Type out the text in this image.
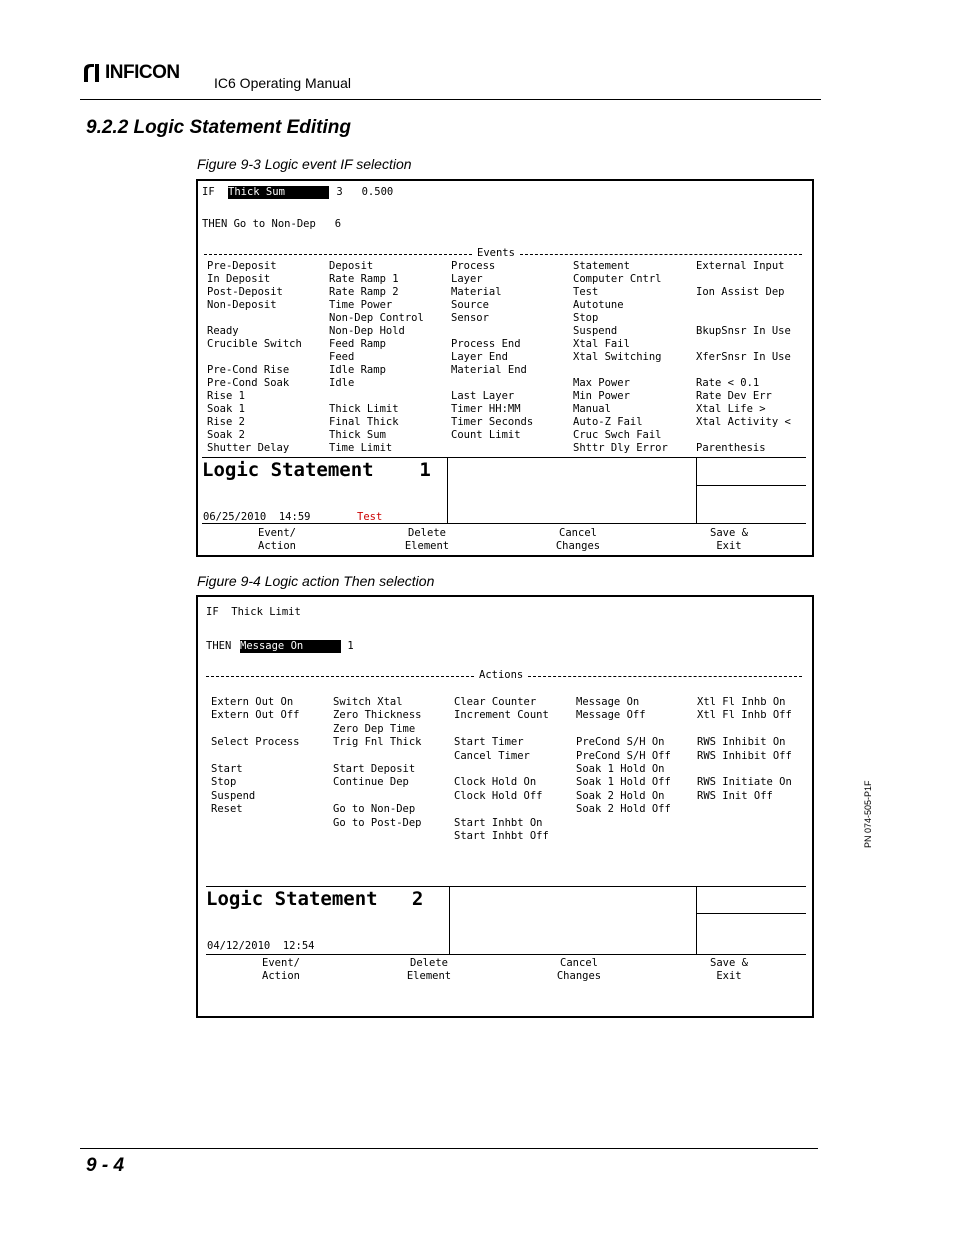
INFICON IC6 Operating Manual
9.2.2 Logic Statement Editing
Figure 9-3 Logic event IF selection
IF Thick Sum 3   0.500
THEN Go to Non-Dep   6
Events
Pre-Deposit
In Deposit
Post-Deposit
Non-Deposit
Ready
Crucible Switch
Pre-Cond Rise
Pre-Cond Soak
Rise 1
Soak 1
Rise 2
Soak 2
Shutter Delay
Deposit
Rate Ramp 1
Rate Ramp 2
Time Power
Non-Dep Control
Non-Dep Hold
Feed Ramp
Feed
Idle Ramp
Idle
Thick Limit
Final Thick
Thick Sum
Time Limit
Process
Layer
Material
Source
Sensor
Process End
Layer End
Material End
Last Layer
Timer HH:MM
Timer Seconds
Count Limit
Statement
Computer Cntrl
Test
Autotune
Stop
Suspend
Xtal Fail
Xtal Switching
Max Power
Min Power
Manual
Auto-Z Fail
Cruc Swch Fail
Shttr Dly Error
External Input
Ion Assist Dep
BkupSnsr In Use
XferSnsr In Use
Rate < 0.1
Rate Dev Err
Xtal Life >
Xtal Activity <
Parenthesis
Logic Statement    1
06/25/2010  14:59	Test
Event/
Action
Delete
Element
Cancel
Changes
Save &
Exit
Figure 9-4 Logic action Then selection
IF  Thick Limit
THEN Message On 1
Actions
Extern Out On
Extern Out Off
Select Process
Start
Stop
Suspend
Reset
Switch Xtal
Zero Thickness
Zero Dep Time
Trig Fnl Thick
Start Deposit
Continue Dep
Go to Non-Dep
Go to Post-Dep
Clear Counter
Increment Count
Start Timer
Cancel Timer
Clock Hold On
Clock Hold Off
Start Inhbt On
Start Inhbt Off
Message On
Message Off
PreCond S/H On
PreCond S/H Off
Soak 1 Hold On
Soak 1 Hold Off
Soak 2 Hold On
Soak 2 Hold Off
Xtl Fl Inhb On
Xtl Fl Inhb Off
RWS Inhibit On
RWS Inhibit Off
RWS Initiate On
RWS Init Off
Logic Statement   2
04/12/2010  12:54
Event/
Action
Delete
Element
Cancel
Changes
Save &
Exit
PN 074-505-P1F
9 - 4
